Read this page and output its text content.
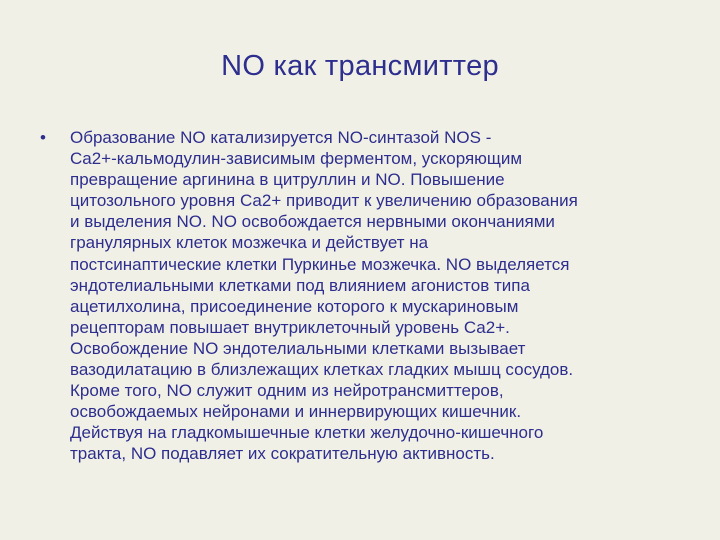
NO как трансмиттер
•	Образование NO катализируется NO-синтазой NOS -
Ca2+-кальмодулин-зависимым ферментом, ускоряющим
превращение аргинина в цитруллин и NO. Повышение
цитозольного уровня Са2+ приводит к увеличению образования
и выделения NO. NO освобождается нервными окончаниями
гранулярных клеток мозжечка и действует на
постсинаптические клетки Пуркинье мозжечка. NO выделяется
эндотелиальными клетками под влиянием агонистов типа
ацетилхолина, присоединение которого к мускариновым
рецепторам повышает внутриклеточный уровень Са2+.
Освобождение NO эндотелиальными клетками вызывает
вазодилатацию в близлежащих клетках гладких мышц сосудов.
Кроме того, NO служит одним из нейротрансмиттеров,
освобождаемых нейронами и иннервирующих кишечник.
Действуя на гладкомышечные клетки желудочно-кишечного
тракта, NO подавляет их сократительную активность.
